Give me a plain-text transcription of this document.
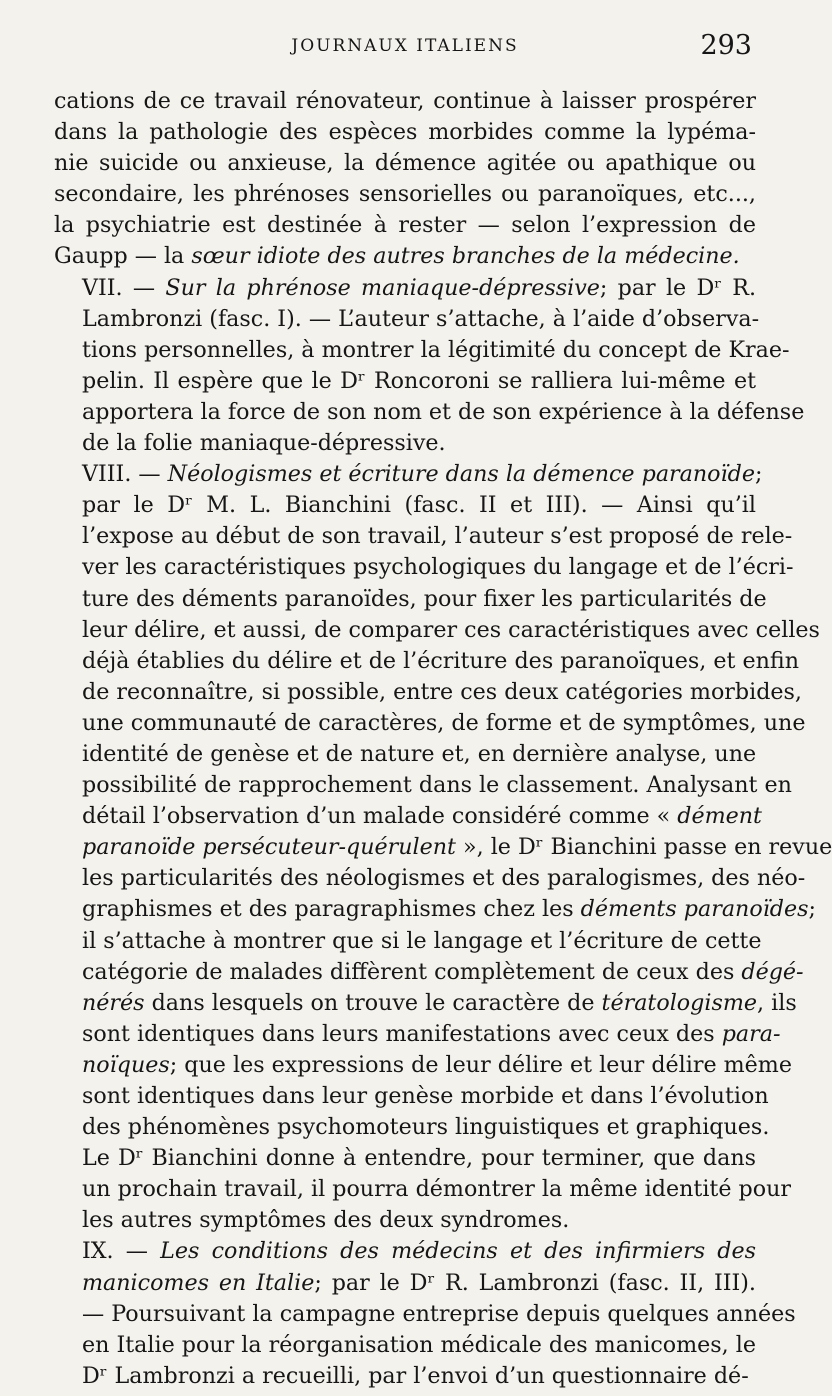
JOURNAUX ITALIENS	293

cations de ce travail rénovateur, continue à laisser prospérer
dans la pathologie des espèces morbides comme la lypéma-
nie suicide ou anxieuse, la démence agitée ou apathique ou
secondaire, les phrénoses sensorielles ou paranoïques, etc...,
la psychiatrie est destinée à rester — selon l’expression de
Gaupp — la sœur idiote des autres branches de la médecine.

VII. — Sur la phrénose maniaque-dépressive; par le Dʳ R.
Lambronzi (fasc. I). — L’auteur s’attache, à l’aide d’observa-
tions personnelles, à montrer la légitimité du concept de Krae-
pelin. Il espère que le Dʳ Roncoroni se ralliera lui-même et
apportera la force de son nom et de son expérience à la défense
de la folie maniaque-dépressive.

VIII. — Néologismes et écriture dans la démence paranoïde;
par le Dʳ M. L. Bianchini (fasc. II et III). — Ainsi qu’il
l’expose au début de son travail, l’auteur s’est proposé de rele-
ver les caractéristiques psychologiques du langage et de l’écri-
ture des déments paranoïdes, pour fixer les particularités de
leur délire, et aussi, de comparer ces caractéristiques avec celles
déjà établies du délire et de l’écriture des paranoïques, et enfin
de reconnaître, si possible, entre ces deux catégories morbides,
une communauté de caractères, de forme et de symptômes, une
identité de genèse et de nature et, en dernière analyse, une
possibilité de rapprochement dans le classement. Analysant en
détail l’observation d’un malade considéré comme « dément
paranoïde persécuteur-quérulent », le Dʳ Bianchini passe en revue
les particularités des néologismes et des paralogismes, des néo-
graphismes et des paragraphismes chez les déments paranoïdes;
il s’attache à montrer que si le langage et l’écriture de cette
catégorie de malades diffèrent complètement de ceux des dégé-
nérés dans lesquels on trouve le caractère de tératologisme, ils
sont identiques dans leurs manifestations avec ceux des para-
noïques; que les expressions de leur délire et leur délire même
sont identiques dans leur genèse morbide et dans l’évolution
des phénomènes psychomoteurs linguistiques et graphiques.
Le Dʳ Bianchini donne à entendre, pour terminer, que dans
un prochain travail, il pourra démontrer la même identité pour
les autres symptômes des deux syndromes.

IX. — Les conditions des médecins et des infirmiers des
manicomes en Italie; par le Dʳ R. Lambronzi (fasc. II, III).
— Poursuivant la campagne entreprise depuis quelques années
en Italie pour la réorganisation médicale des manicomes, le
Dʳ Lambronzi a recueilli, par l’envoi d’un questionnaire dé-
